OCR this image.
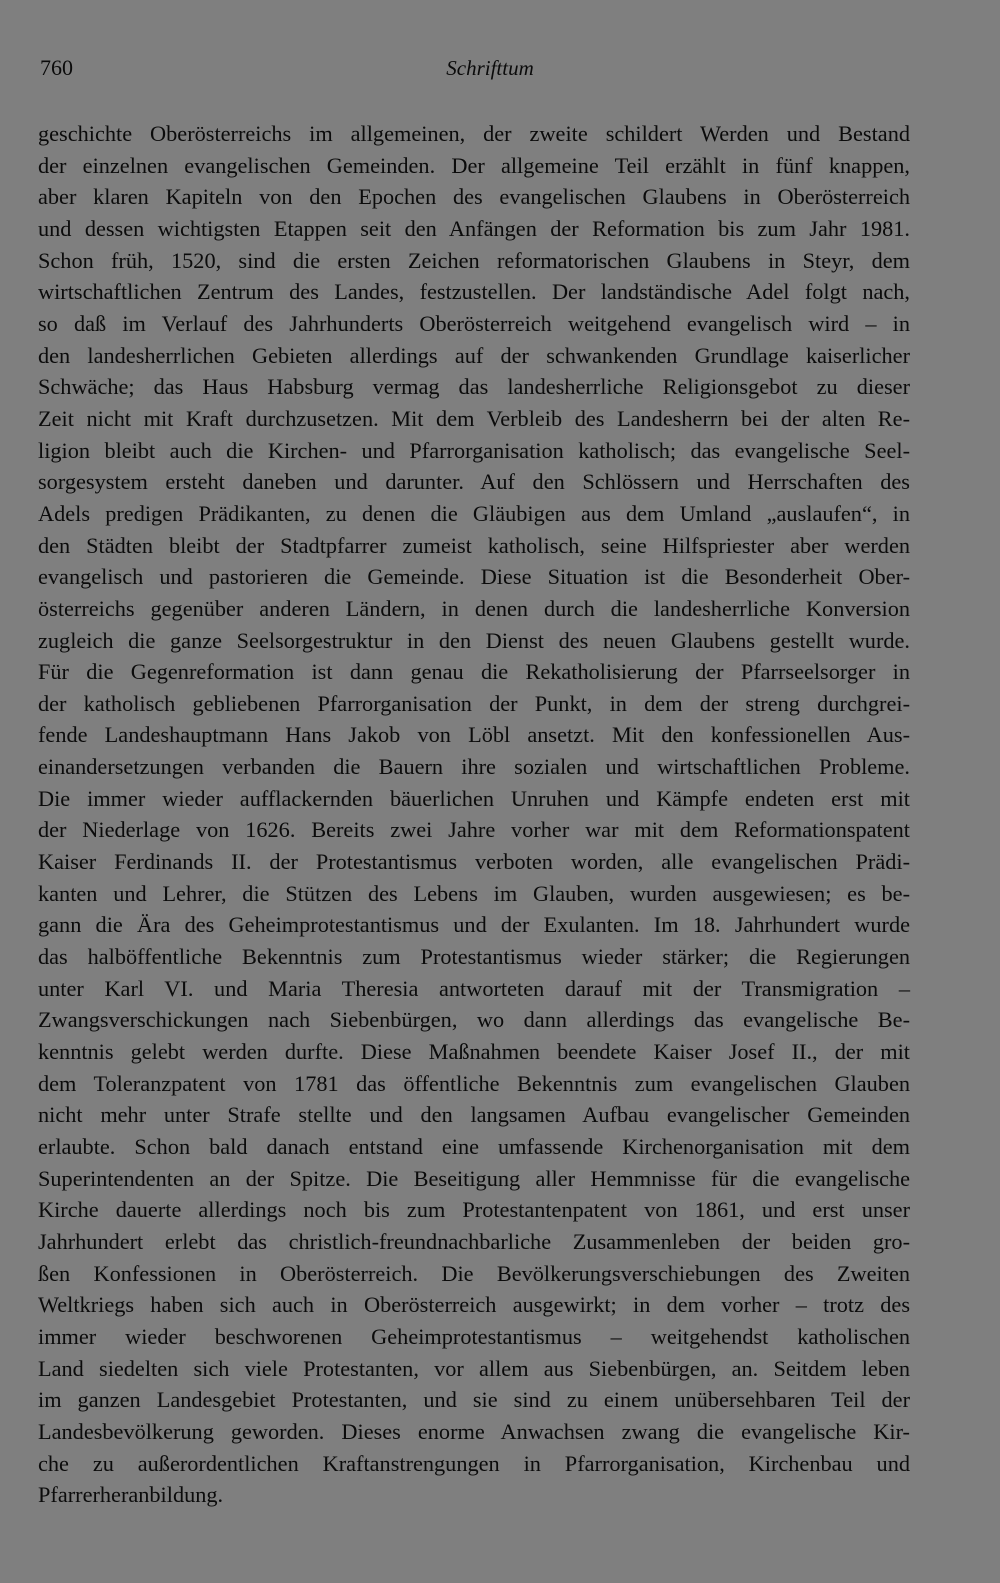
760	Schrifttum
geschichte Oberösterreichs im allgemeinen, der zweite schildert Werden und Bestand
der einzelnen evangelischen Gemeinden. Der allgemeine Teil erzählt in fünf knappen,
aber klaren Kapiteln von den Epochen des evangelischen Glaubens in Oberösterreich
und dessen wichtigsten Etappen seit den Anfängen der Reformation bis zum Jahr 1981.
Schon früh, 1520, sind die ersten Zeichen reformatorischen Glaubens in Steyr, dem
wirtschaftlichen Zentrum des Landes, festzustellen. Der landständische Adel folgt nach,
so daß im Verlauf des Jahrhunderts Oberösterreich weitgehend evangelisch wird – in
den landesherrlichen Gebieten allerdings auf der schwankenden Grundlage kaiserlicher
Schwäche; das Haus Habsburg vermag das landesherrliche Religionsgebot zu dieser
Zeit nicht mit Kraft durchzusetzen. Mit dem Verbleib des Landesherrn bei der alten Re-
ligion bleibt auch die Kirchen- und Pfarrorganisation katholisch; das evangelische Seel-
sorgesystem ersteht daneben und darunter. Auf den Schlössern und Herrschaften des
Adels predigen Prädikanten, zu denen die Gläubigen aus dem Umland „auslaufen“, in
den Städten bleibt der Stadtpfarrer zumeist katholisch, seine Hilfspriester aber werden
evangelisch und pastorieren die Gemeinde. Diese Situation ist die Besonderheit Ober-
österreichs gegenüber anderen Ländern, in denen durch die landesherrliche Konversion
zugleich die ganze Seelsorgestruktur in den Dienst des neuen Glaubens gestellt wurde.
Für die Gegenreformation ist dann genau die Rekatholisierung der Pfarrseelsorger in
der katholisch gebliebenen Pfarrorganisation der Punkt, in dem der streng durchgrei-
fende Landeshauptmann Hans Jakob von Löbl ansetzt. Mit den konfessionellen Aus-
einandersetzungen verbanden die Bauern ihre sozialen und wirtschaftlichen Probleme.
Die immer wieder aufflackernden bäuerlichen Unruhen und Kämpfe endeten erst mit
der Niederlage von 1626. Bereits zwei Jahre vorher war mit dem Reformationspatent
Kaiser Ferdinands II. der Protestantismus verboten worden, alle evangelischen Prädi-
kanten und Lehrer, die Stützen des Lebens im Glauben, wurden ausgewiesen; es be-
gann die Ära des Geheimprotestantismus und der Exulanten. Im 18. Jahrhundert wurde
das halböffentliche Bekenntnis zum Protestantismus wieder stärker; die Regierungen
unter Karl VI. und Maria Theresia antworteten darauf mit der Transmigration –
Zwangsverschickungen nach Siebenbürgen, wo dann allerdings das evangelische Be-
kenntnis gelebt werden durfte. Diese Maßnahmen beendete Kaiser Josef II., der mit
dem Toleranzpatent von 1781 das öffentliche Bekenntnis zum evangelischen Glauben
nicht mehr unter Strafe stellte und den langsamen Aufbau evangelischer Gemeinden
erlaubte. Schon bald danach entstand eine umfassende Kirchenorganisation mit dem
Superintendenten an der Spitze. Die Beseitigung aller Hemmnisse für die evangelische
Kirche dauerte allerdings noch bis zum Protestantenpatent von 1861, und erst unser
Jahrhundert erlebt das christlich-freundnachbarliche Zusammenleben der beiden gro-
ßen Konfessionen in Oberösterreich. Die Bevölkerungsverschiebungen des Zweiten
Weltkriegs haben sich auch in Oberösterreich ausgewirkt; in dem vorher – trotz des
immer wieder beschworenen Geheimprotestantismus – weitgehendst katholischen
Land siedelten sich viele Protestanten, vor allem aus Siebenbürgen, an. Seitdem leben
im ganzen Landesgebiet Protestanten, und sie sind zu einem unübersehbaren Teil der
Landesbevölkerung geworden. Dieses enorme Anwachsen zwang die evangelische Kir-
che zu außerordentlichen Kraftanstrengungen in Pfarrorganisation, Kirchenbau und
Pfarrerheranbildung.
